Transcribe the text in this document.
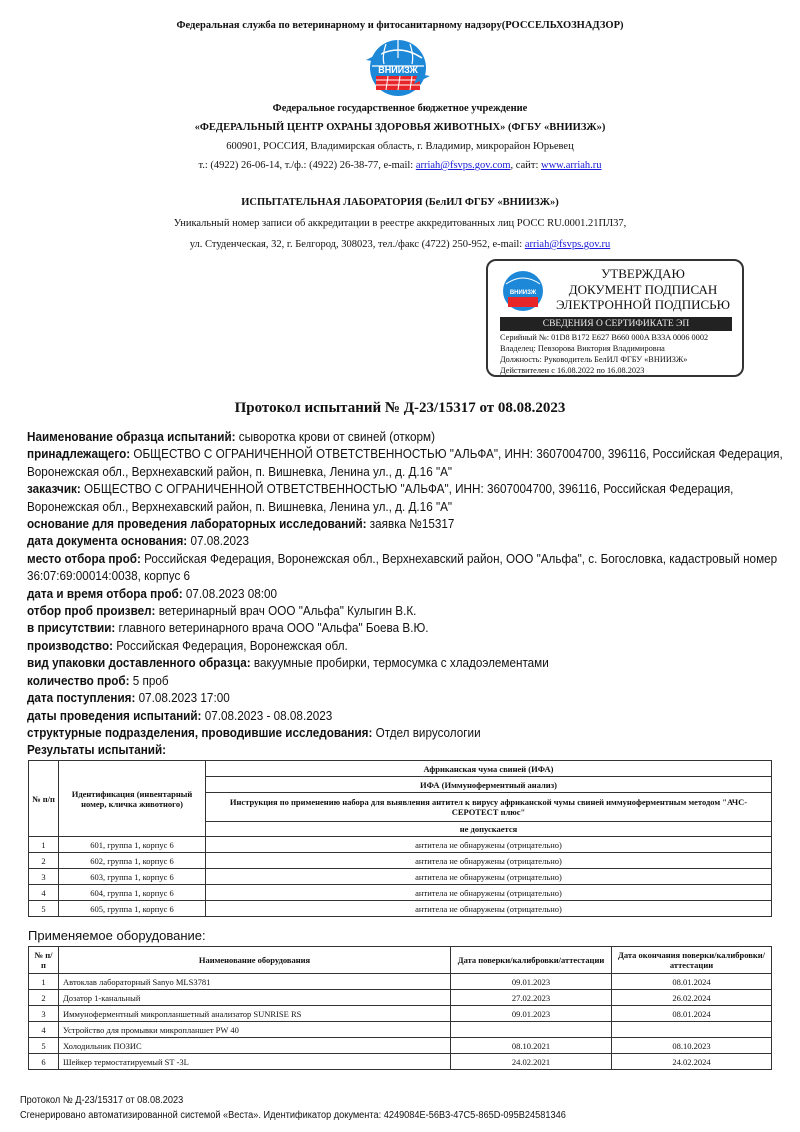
Федеральная служба по ветеринарному и фитосанитарному надзору(РОССЕЛЬХОЗНАДЗОР)
ВНИИЗЖ
Федеральное государственное бюджетное учреждение
«ФЕДЕРАЛЬНЫЙ ЦЕНТР ОХРАНЫ ЗДОРОВЬЯ ЖИВОТНЫХ» (ФГБУ «ВНИИЗЖ»)
600901, РОССИЯ, Владимирская область, г. Владимир, микрорайон Юрьевец
т.: (4922) 26-06-14, т./ф.: (4922) 26-38-77, e-mail: arriah@fsvps.gov.com, сайт: www.arriah.ru
ИСПЫТАТЕЛЬНАЯ ЛАБОРАТОРИЯ (БелИЛ ФГБУ «ВНИИЗЖ»)
Уникальный номер записи об аккредитации в реестре аккредитованных лиц РОСС RU.0001.21ПЛ37,
ул. Студенческая, 32, г. Белгород, 308023, тел./факс (4722) 250-952, e-mail: arriah@fsvps.gov.ru
ВНИИЗЖ
УТВЕРЖДАЮ
ДОКУМЕНТ ПОДПИСАН
ЭЛЕКТРОННОЙ ПОДПИСЬЮ
СВЕДЕНИЯ О СЕРТИФИКАТЕ ЭП
Серийный №: 01D8 B172 E627 B660 000A B33A 0006 0002
Владелец: Певзорова Виктория Владимировна
Должность: Руководитель БелИЛ ФГБУ «ВНИИЗЖ»
Действителен с 16.08.2022 по 16.08.2023
Протокол испытаний № Д-23/15317 от 08.08.2023
Наименование образца испытаний: сыворотка крови от свиней (откорм)
принадлежащего: ОБЩЕСТВО С ОГРАНИЧЕННОЙ ОТВЕТСТВЕННОСТЬЮ "АЛЬФА", ИНН: 3607004700, 396116, Российская Федерация, Воронежская обл., Верхнехавский район, п. Вишневка, Ленина ул., д. Д.16 "А"
заказчик: ОБЩЕСТВО С ОГРАНИЧЕННОЙ ОТВЕТСТВЕННОСТЬЮ "АЛЬФА", ИНН: 3607004700, 396116, Российская Федерация, Воронежская обл., Верхнехавский район, п. Вишневка, Ленина ул., д. Д.16 "А"
основание для проведения лабораторных исследований: заявка №15317
дата документа основания: 07.08.2023
место отбора проб: Российская Федерация, Воронежская обл., Верхнехавский район, ООО "Альфа", с. Богословка, кадастровый номер 36:07:69:00014:0038, корпус 6
дата и время отбора проб: 07.08.2023 08:00
отбор проб произвел: ветеринарный врач ООО "Альфа" Кулыгин В.К.
в присутствии: главного ветеринарного врача ООО "Альфа" Боева В.Ю.
производство: Российская Федерация, Воронежская обл.
вид упаковки доставленного образца: вакуумные пробирки, термосумка с хладоэлементами
количество проб: 5 проб
дата поступления: 07.08.2023 17:00
даты проведения испытаний: 07.08.2023 - 08.08.2023
структурные подразделения, проводившие исследования: Отдел вирусологии
Результаты испытаний:
№ п/п	Идентификация (инвентарный номер, кличка животного)	Африканская чума свиней (ИФА)
		ИФА (Иммуноферментный анализ)
		Инструкция по применению набора для выявления антител к вирусу африканской чумы свиней иммуноферментным методом "АЧС-СЕРОТЕСТ плюс"
		не допускается
1	601, группа 1, корпус 6	антитела не обнаружены (отрицательно)
2	602, группа 1, корпус 6	антитела не обнаружены (отрицательно)
3	603, группа 1, корпус 6	антитела не обнаружены (отрицательно)
4	604, группа 1, корпус 6	антитела не обнаружены (отрицательно)
5	605, группа 1, корпус 6	антитела не обнаружены (отрицательно)
Применяемое оборудование:
№ п/п	Наименование оборудования	Дата поверки/калибровки/аттестации	Дата окончания поверки/калибровки/аттестации
1	Автоклав лабораторный Sanyo MLS3781	09.01.2023	08.01.2024
2	Дозатор 1-канальный	27.02.2023	26.02.2024
3	Иммуноферментный микропланшетный анализатор SUNRISE RS	09.01.2023	08.01.2024
4	Устройство для промывки микропланшет PW 40		
5	Холодильник ПОЗИС	08.10.2021	08.10.2023
6	Шейкер термостатируемый ST -3L	24.02.2021	24.02.2024
Протокол № Д-23/15317 от 08.08.2023
Сгенерировано автоматизированной системой «Веста». Идентификатор документа: 4249084E-56B3-47C5-865D-095B24581346
